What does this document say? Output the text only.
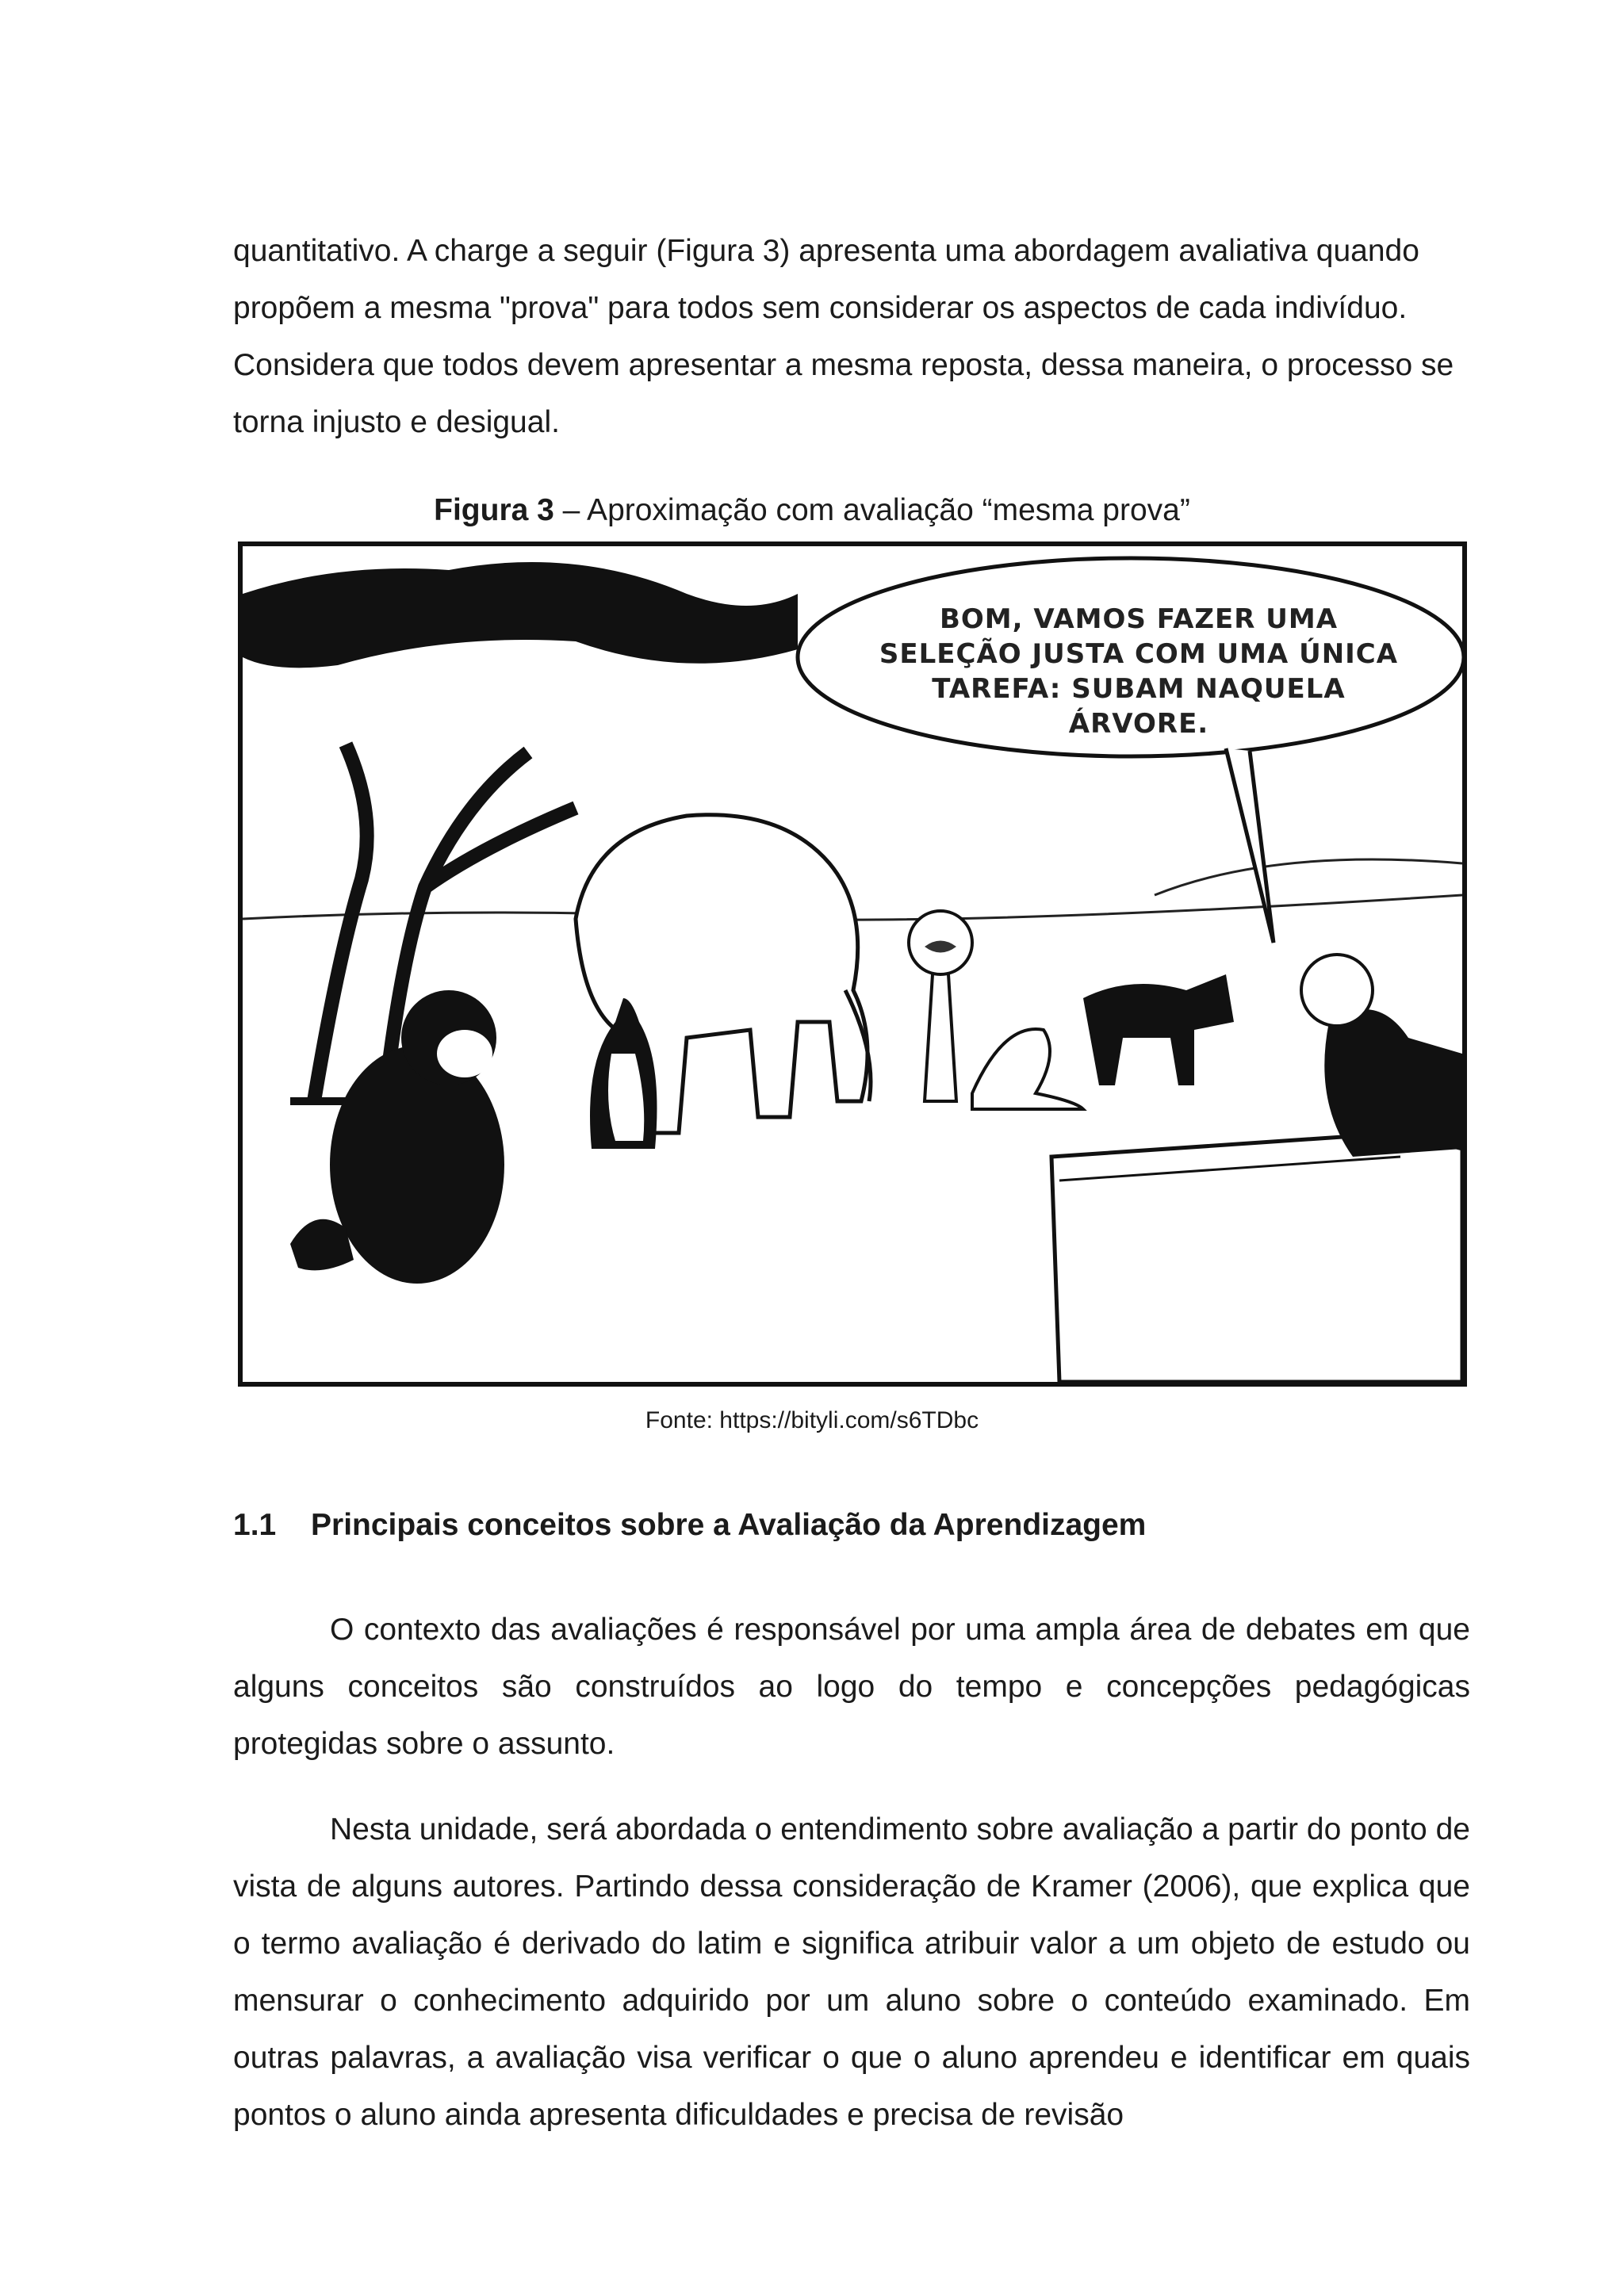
quantitativo. A charge a seguir (Figura 3) apresenta uma abordagem avaliativa quando propõem a mesma "prova" para todos sem considerar os aspectos de cada indivíduo. Considera que todos devem apresentar a mesma reposta, dessa maneira, o processo se torna injusto e desigual.

Figura 3 – Aproximação com avaliação “mesma prova”
BOM, VAMOS FAZER UMA SELEÇÃO JUSTA COM UMA ÚNICA TAREFA: SUBAM NAQUELA ÁRVORE.
Fonte: https://bityli.com/s6TDbc
1.1 Principais conceitos sobre a Avaliação da Aprendizagem

O contexto das avaliações é responsável por uma ampla área de debates em que alguns conceitos são construídos ao logo do tempo e concepções pedagógicas protegidas sobre o assunto.

Nesta unidade, será abordada o entendimento sobre avaliação a partir do ponto de vista de alguns autores. Partindo dessa consideração de Kramer (2006), que explica que o termo avaliação é derivado do latim e significa atribuir valor a um objeto de estudo ou mensurar o conhecimento adquirido por um aluno sobre o conteúdo examinado. Em outras palavras, a avaliação visa verificar o que o aluno aprendeu e identificar em quais pontos o aluno ainda apresenta dificuldades e precisa de revisão
